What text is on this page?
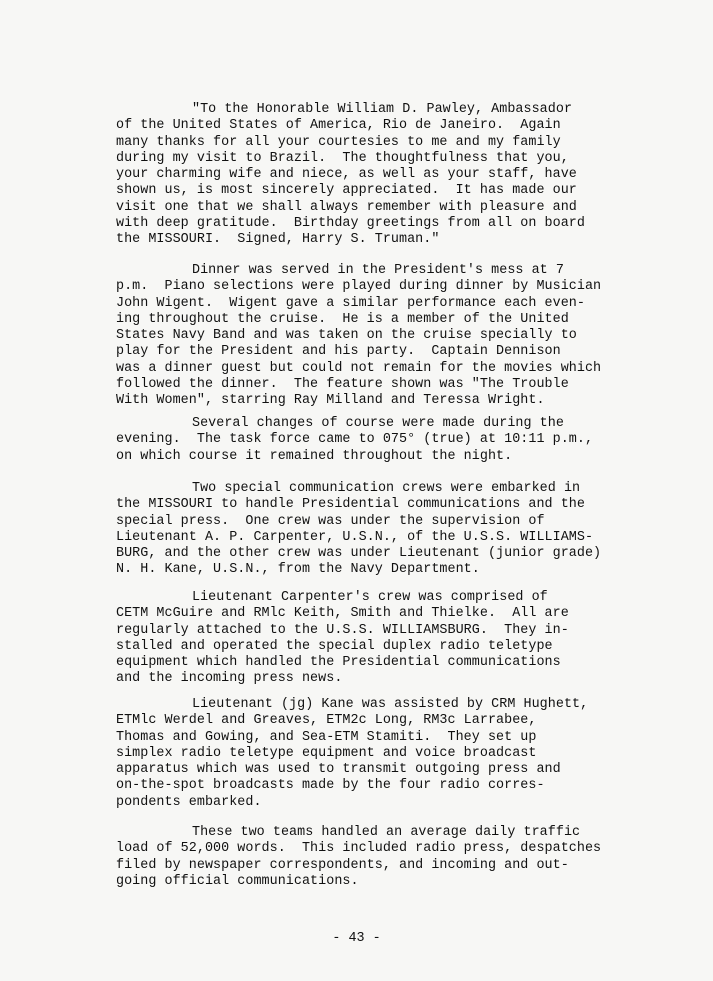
"To the Honorable William D. Pawley, Ambassador
of the United States of America, Rio de Janeiro.  Again
many thanks for all your courtesies to me and my family
during my visit to Brazil.  The thoughtfulness that you,
your charming wife and niece, as well as your staff, have
shown us, is most sincerely appreciated.  It has made our
visit one that we shall always remember with pleasure and
with deep gratitude.  Birthday greetings from all on board
the MISSOURI.  Signed, Harry S. Truman."
Dinner was served in the President's mess at 7
p.m.  Piano selections were played during dinner by Musician
John Wigent.  Wigent gave a similar performance each even-
ing throughout the cruise.  He is a member of the United
States Navy Band and was taken on the cruise specially to
play for the President and his party.  Captain Dennison
was a dinner guest but could not remain for the movies which
followed the dinner.  The feature shown was "The Trouble
With Women", starring Ray Milland and Teressa Wright.
Several changes of course were made during the
evening.  The task force came to 075° (true) at 10:11 p.m.,
on which course it remained throughout the night.
Two special communication crews were embarked in
the MISSOURI to handle Presidential communications and the
special press.  One crew was under the supervision of
Lieutenant A. P. Carpenter, U.S.N., of the U.S.S. WILLIAMS-
BURG, and the other crew was under Lieutenant (junior grade)
N. H. Kane, U.S.N., from the Navy Department.
Lieutenant Carpenter's crew was comprised of
CETM McGuire and RMlc Keith, Smith and Thielke.  All are
regularly attached to the U.S.S. WILLIAMSBURG.  They in-
stalled and operated the special duplex radio teletype
equipment which handled the Presidential communications
and the incoming press news.
Lieutenant (jg) Kane was assisted by CRM Hughett,
ETMlc Werdel and Greaves, ETM2c Long, RM3c Larrabee,
Thomas and Gowing, and Sea-ETM Stamiti.  They set up
simplex radio teletype equipment and voice broadcast
apparatus which was used to transmit outgoing press and
on-the-spot broadcasts made by the four radio corres-
pondents embarked.
These two teams handled an average daily traffic
load of 52,000 words.  This included radio press, despatches
filed by newspaper correspondents, and incoming and out-
going official communications.
- 43 -
